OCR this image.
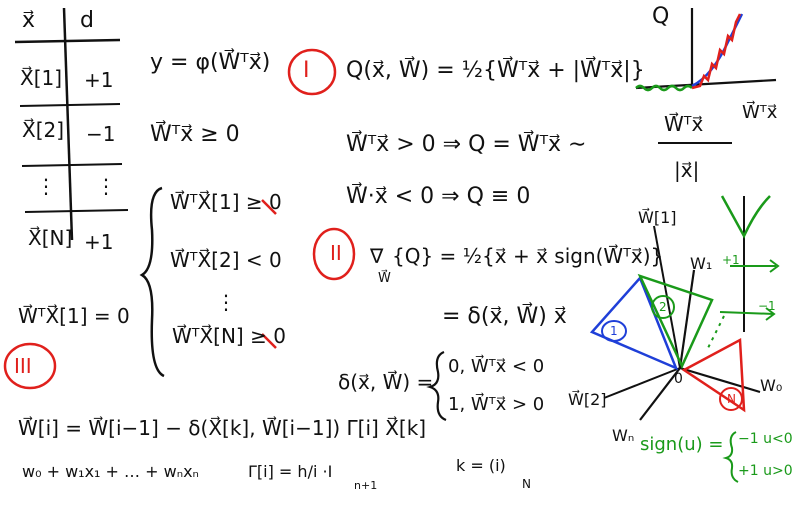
x⃗ d
X⃗[1] +1
X⃗[2] −1
⋮ ⋮
X⃗[N] +1
y = φ(W⃗ᵀx⃗) I
W⃗ᵀx⃗ ≥ 0
Q(x⃗, W⃗) = ½{W⃗ᵀx⃗ + |W⃗ᵀx⃗|}
W⃗ᵀx⃗ > 0 ⇒ Q = W⃗ᵀx⃗ ∼
W⃗ᵀx⃗
|x⃗|
W⃗·x⃗ < 0 ⇒ Q ≡ 0
Q
W⃗ᵀx⃗
W⃗ᵀX⃗[1] ≥ 0
W⃗ᵀX⃗[2] < 0 II
⋮
W⃗ᵀX⃗[N] ≥ 0
W⃗ᵀX⃗[1] = 0
∇
W⃗
{Q} = ½{x⃗ + x⃗ sign(W⃗ᵀx⃗)}
= δ(x⃗, W⃗) x⃗
δ(x⃗, W⃗) =
0, W⃗ᵀx⃗ < 0
1, W⃗ᵀx⃗ > 0
III
W⃗[i] = W⃗[i−1] − δ(X⃗[k], W⃗[i−1]) Γ[i] X⃗[k]
w₀ + w₁x₁ + … + wₙxₙ	Γ[i] = h/i ·I
n+1
k = (i)
N
W⃗[1]
W⃗[2]
W₁
Wₙ
W₀
0
1
2
N
+1
−1
sign(u) = −1 u<0
+1 u>0
